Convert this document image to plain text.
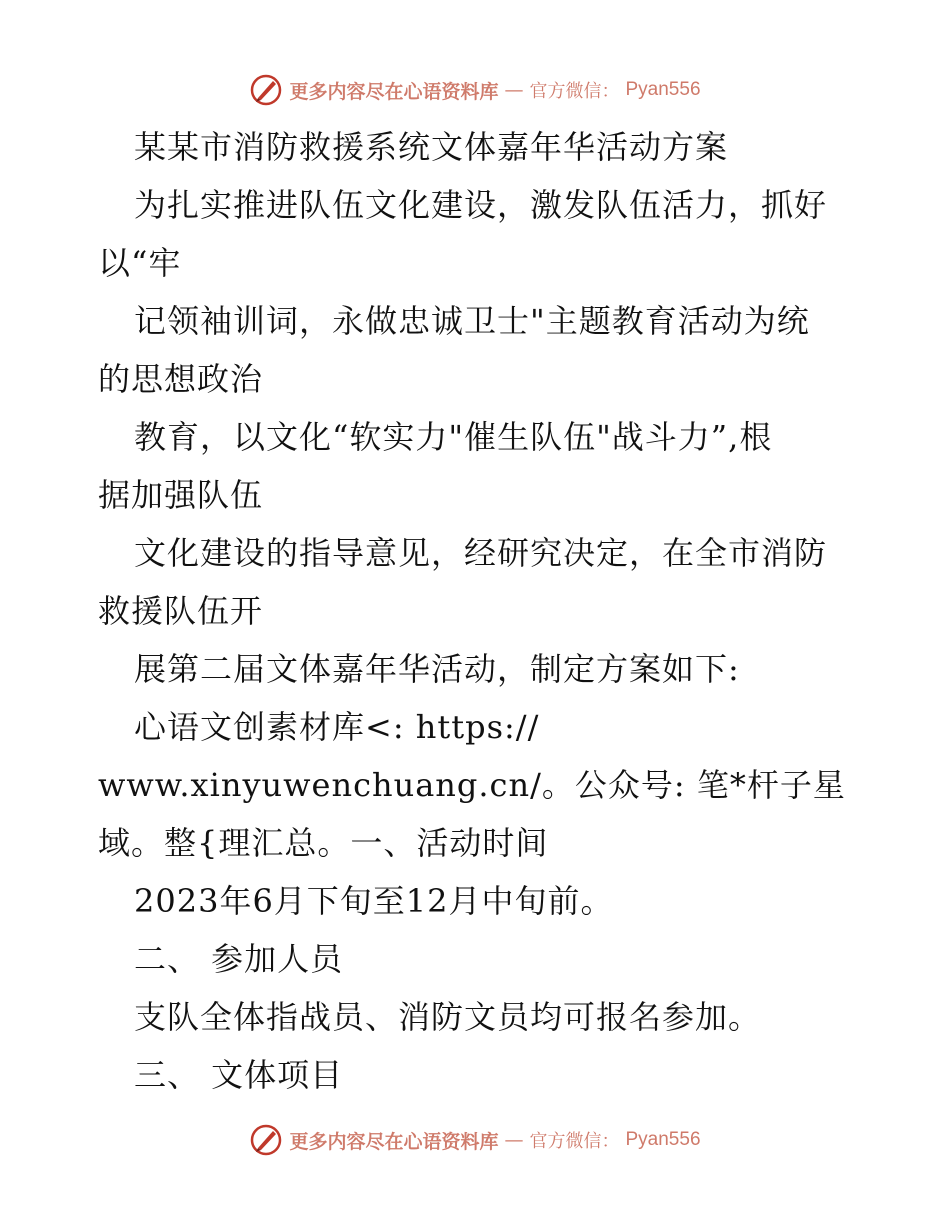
更多内容尽在心语资料库 — 官方微信： Pyan556
某某市消防救援系统文体嘉年华活动方案
为扎实推进队伍文化建设，激发队伍活力，抓好
以“牢
记领袖训词，永做忠诚卫士"主题教育活动为统
的思想政治
教育，以文化“软实力"催生队伍"战斗力”,根
据加强队伍
文化建设的指导意见，经研究决定，在全市消防
救援队伍开
展第二届文体嘉年华活动，制定方案如下:
心语文创素材库<: https://
www.xinyuwenchuang.cn/。公众号: 笔*杆子星
域。整{理汇总。一、活动时间
2023年6月下旬至12月中旬前。
二、 参加人员
支队全体指战员、消防文员均可报名参加。
三、 文体项目
更多内容尽在心语资料库 — 官方微信： Pyan556
